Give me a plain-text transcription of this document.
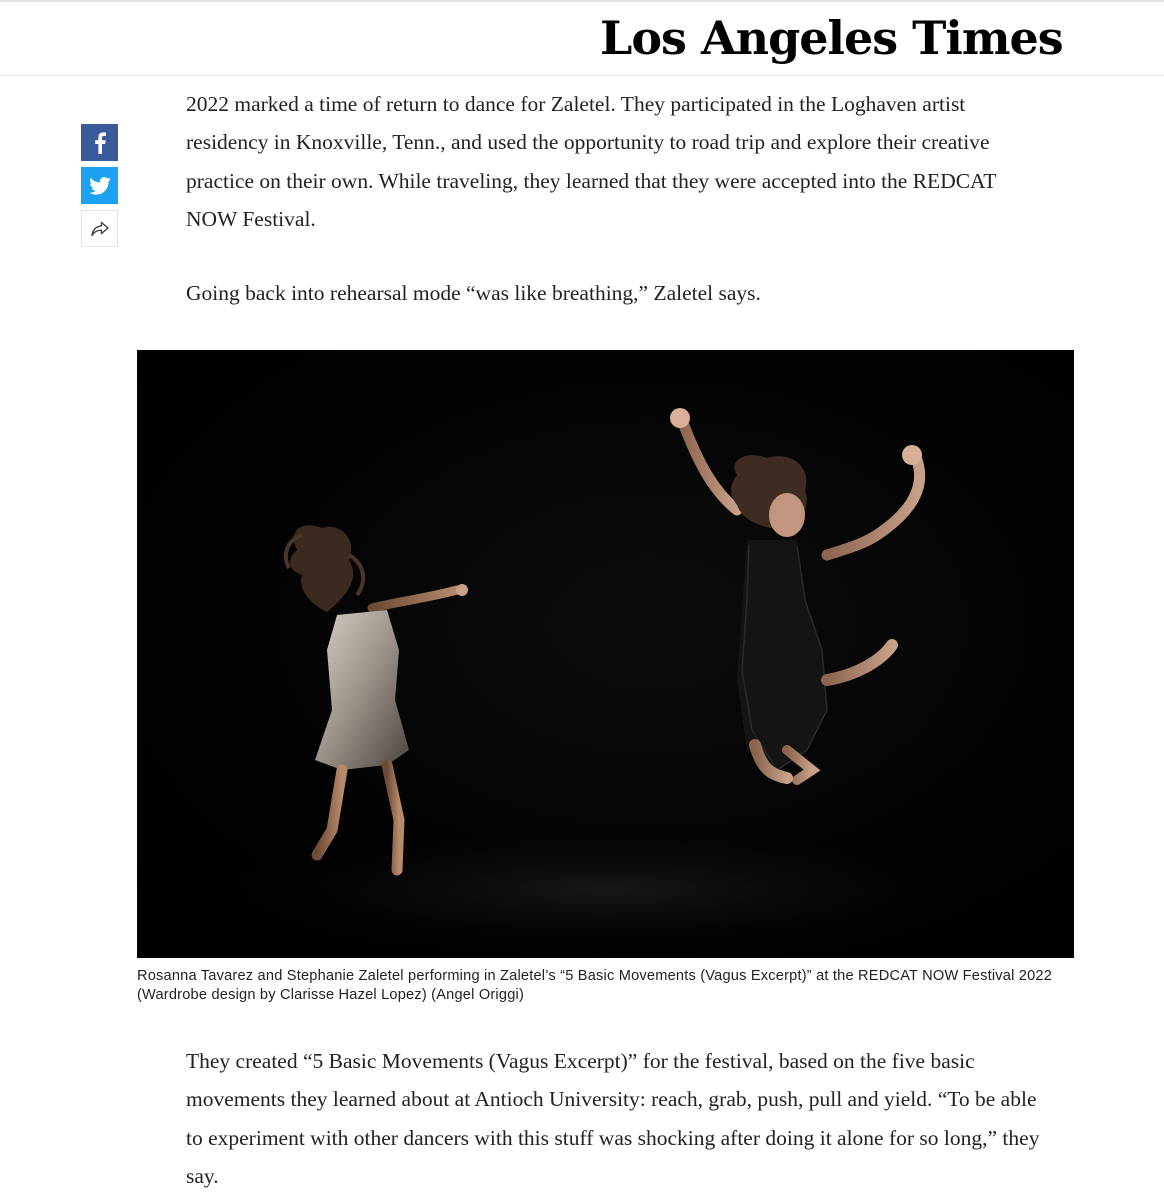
Los Angeles Times

2022 marked a time of return to dance for Zaletel. They participated in the Loghaven artist residency in Knoxville, Tenn., and used the opportunity to road trip and explore their creative practice on their own. While traveling, they learned that they were accepted into the REDCAT NOW Festival.

Going back into rehearsal mode “was like breathing,” Zaletel says.

Rosanna Tavarez and Stephanie Zaletel performing in Zaletel’s “5 Basic Movements (Vagus Excerpt)” at the REDCAT NOW Festival 2022 (Wardrobe design by Clarisse Hazel Lopez) (Angel Origgi)

They created “5 Basic Movements (Vagus Excerpt)” for the festival, based on the five basic movements they learned about at Antioch University: reach, grab, push, pull and yield. “To be able to experiment with other dancers with this stuff was shocking after doing it alone for so long,” they say.
